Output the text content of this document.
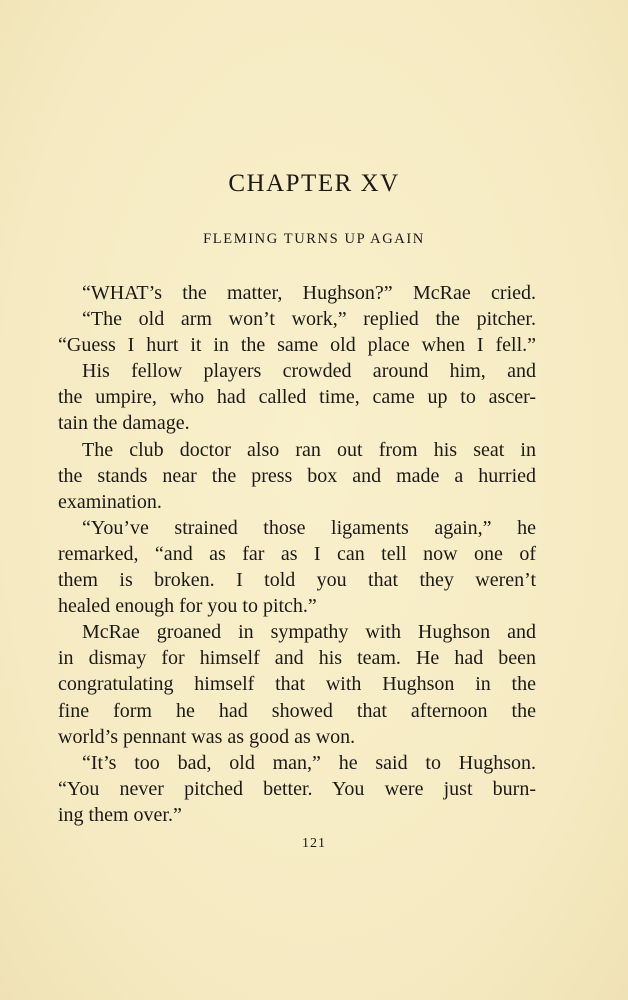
CHAPTER XV
FLEMING TURNS UP AGAIN
“WHAT’s the matter, Hughson?” McRae cried.
“The old arm won’t work,” replied the pitcher.
“Guess I hurt it in the same old place when I fell.”
His fellow players crowded around him, and
the umpire, who had called time, came up to ascer-
tain the damage.
The club doctor also ran out from his seat in
the stands near the press box and made a hurried
examination.
“You’ve strained those ligaments again,” he
remarked, “and as far as I can tell now one of
them is broken. I told you that they weren’t
healed enough for you to pitch.”
McRae groaned in sympathy with Hughson and
in dismay for himself and his team. He had been
congratulating himself that with Hughson in the
fine form he had showed that afternoon the
world’s pennant was as good as won.
“It’s too bad, old man,” he said to Hughson.
“You never pitched better. You were just burn-
ing them over.”
121
